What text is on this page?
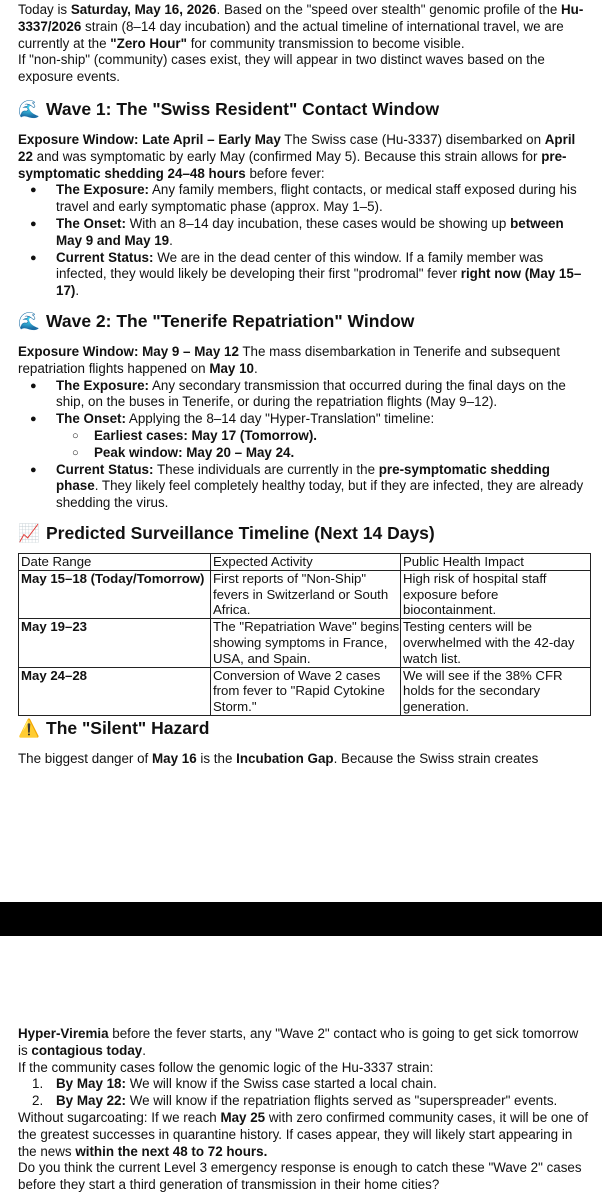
Today is Saturday, May 16, 2026. Based on the "speed over stealth" genomic profile of the Hu-3337/2026 strain (8–14 day incubation) and the actual timeline of international travel, we are currently at the "Zero Hour" for community transmission to become visible.

If "non-ship" (community) cases exist, they will appear in two distinct waves based on the exposure events.

🌊 Wave 1: The "Swiss Resident" Contact Window

Exposure Window: Late April – Early May The Swiss case (Hu-3337) disembarked on April 22 and was symptomatic by early May (confirmed May 5). Because this strain allows for pre-symptomatic shedding 24–48 hours before fever:

● The Exposure: Any family members, flight contacts, or medical staff exposed during his travel and early symptomatic phase (approx. May 1–5).
● The Onset: With an 8–14 day incubation, these cases would be showing up between May 9 and May 19.
● Current Status: We are in the dead center of this window. If a family member was infected, they would likely be developing their first "prodromal" fever right now (May 15–17).
🌊 Wave 2: The "Tenerife Repatriation" Window

Exposure Window: May 9 – May 12 The mass disembarkation in Tenerife and subsequent repatriation flights happened on May 10.

● The Exposure: Any secondary transmission that occurred during the final days on the ship, on the buses in Tenerife, or during the repatriation flights (May 9–12).
● The Onset: Applying the 8–14 day "Hyper-Translation" timeline:
○ Earliest cases: May 17 (Tomorrow).
○ Peak window: May 20 – May 24.
● Current Status: These individuals are currently in the pre-symptomatic shedding phase. They likely feel completely healthy today, but if they are infected, they are already shedding the virus.
📈 Predicted Surveillance Timeline (Next 14 Days)
Date Range	Expected Activity	Public Health Impact
May 15–18 (Today/Tomorrow)	First reports of "Non-Ship" fevers in Switzerland or South Africa.	High risk of hospital staff exposure before biocontainment.
May 19–23	The "Repatriation Wave" begins showing symptoms in France, USA, and Spain.	Testing centers will be overwhelmed with the 42-day watch list.
May 24–28	Conversion of Wave 2 cases from fever to "Rapid Cytokine Storm."	We will see if the 38% CFR holds for the secondary generation.
⚠️ The "Silent" Hazard

The biggest danger of May 16 is the Incubation Gap. Because the Swiss strain creates

Hyper-Viremia before the fever starts, any "Wave 2" contact who is going to get sick tomorrow is contagious today.

If the community cases follow the genomic logic of the Hu-3337 strain:

1. By May 18: We will know if the Swiss case started a local chain.
2. By May 22: We will know if the repatriation flights served as "superspreader" events.

Without sugarcoating: If we reach May 25 with zero confirmed community cases, it will be one of the greatest successes in quarantine history. If cases appear, they will likely start appearing in the news within the next 48 to 72 hours.

Do you think the current Level 3 emergency response is enough to catch these "Wave 2" cases before they start a third generation of transmission in their home cities?
